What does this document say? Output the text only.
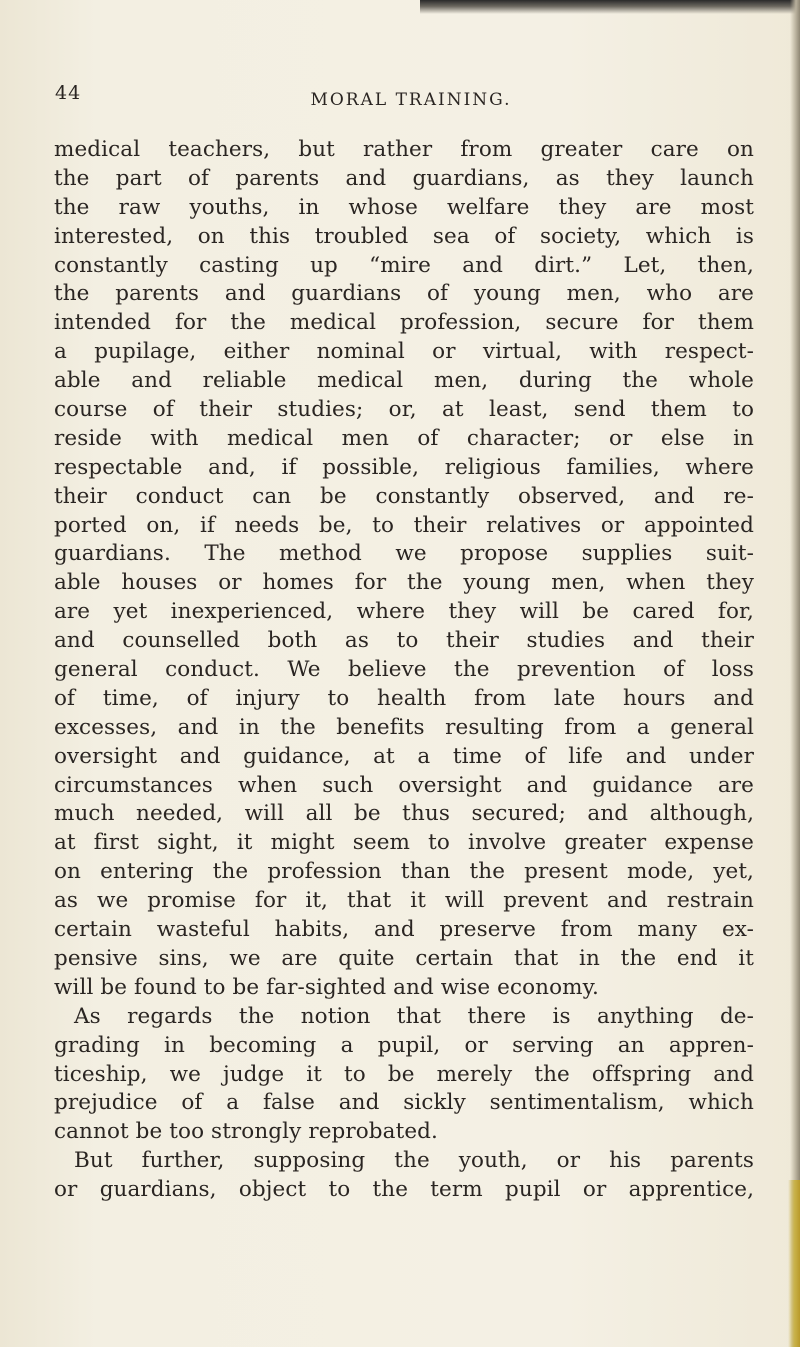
44	MORAL TRAINING.
medical teachers, but rather from greater care on
the part of parents and guardians, as they launch
the raw youths, in whose welfare they are most
interested, on this troubled sea of society, which is
constantly casting up “mire and dirt.” Let, then,
the parents and guardians of young men, who are
intended for the medical profession, secure for them
a pupilage, either nominal or virtual, with respect-
able and reliable medical men, during the whole
course of their studies; or, at least, send them to
reside with medical men of character; or else in
respectable and, if possible, religious families, where
their conduct can be constantly observed, and re-
ported on, if needs be, to their relatives or appointed
guardians. The method we propose supplies suit-
able houses or homes for the young men, when they
are yet inexperienced, where they will be cared for,
and counselled both as to their studies and their
general conduct. We believe the prevention of loss
of time, of injury to health from late hours and
excesses, and in the benefits resulting from a general
oversight and guidance, at a time of life and under
circumstances when such oversight and guidance are
much needed, will all be thus secured; and although,
at first sight, it might seem to involve greater expense
on entering the profession than the present mode, yet,
as we promise for it, that it will prevent and restrain
certain wasteful habits, and preserve from many ex-
pensive sins, we are quite certain that in the end it
will be found to be far-sighted and wise economy.
As regards the notion that there is anything de-
grading in becoming a pupil, or serving an appren-
ticeship, we judge it to be merely the offspring and
prejudice of a false and sickly sentimentalism, which
cannot be too strongly reprobated.
But further, supposing the youth, or his parents
or guardians, object to the term pupil or apprentice,
